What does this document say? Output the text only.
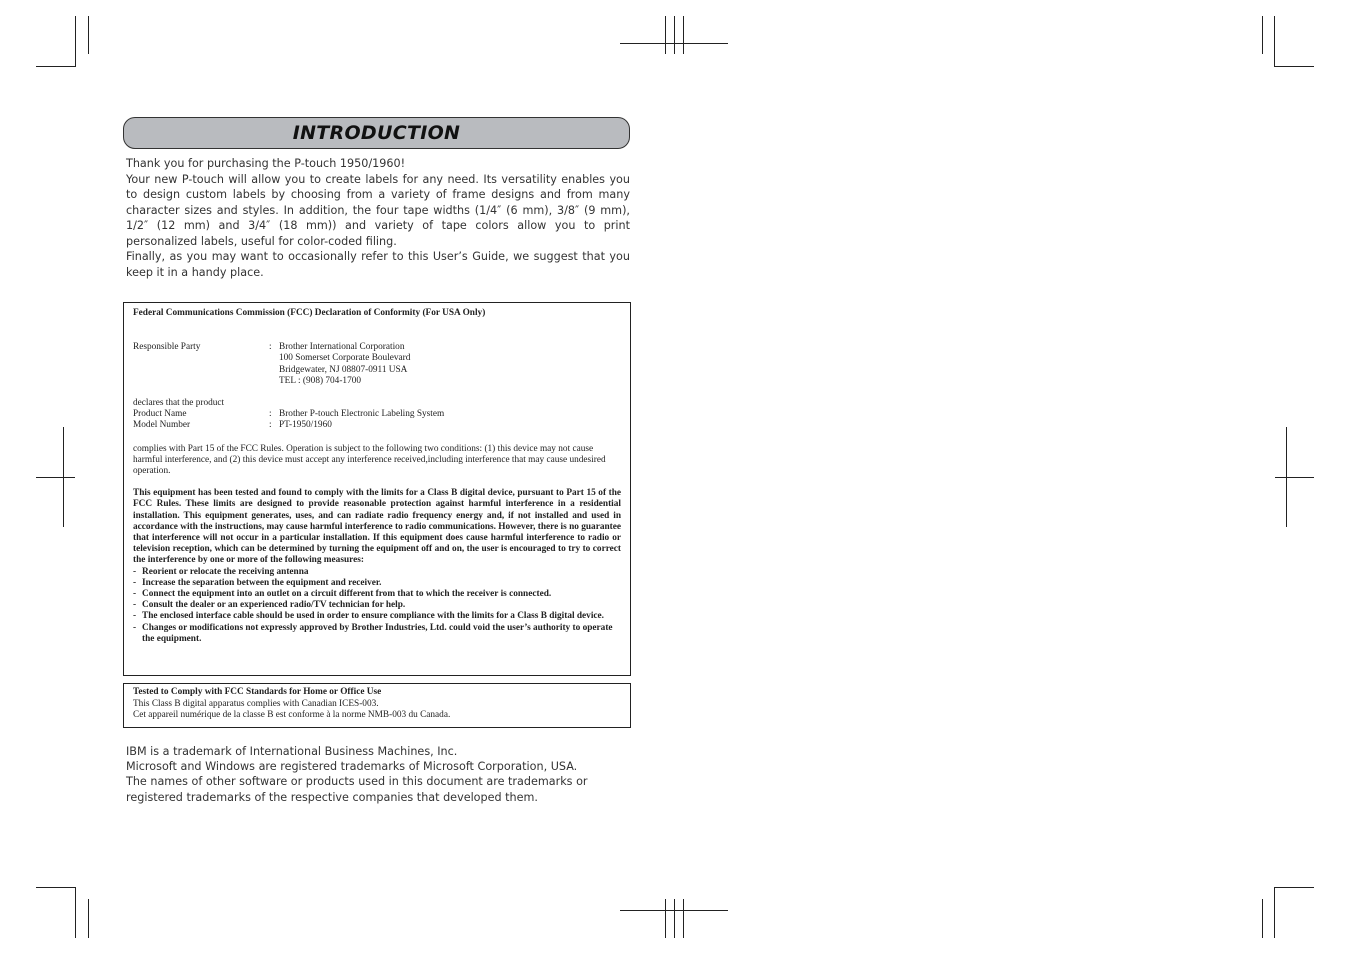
INTRODUCTION

Thank you for purchasing the P-touch 1950/1960!

Your new P-touch will allow you to create labels for any need. Its versatility enables you to design custom labels by choosing from a variety of frame designs and from many character sizes and styles. In addition, the four tape widths (1/4″ (6 mm), 3/8″ (9 mm), 1/2″ (12 mm) and 3/4″ (18 mm)) and variety of tape colors allow you to print personalized labels, useful for color-coded filing.

Finally, as you may want to occasionally refer to this User’s Guide, we suggest that you keep it in a handy place.

Federal Communications Commission (FCC) Declaration of Conformity (For USA Only)

Responsible Party	: Brother International Corporation
100 Somerset Corporate Boulevard
Bridgewater, NJ 08807-0911 USA
TEL : (908) 704-1700
declares that the product
Product Name	: Brother P-touch Electronic Labeling System
Model Number	: PT-1950/1960

complies with Part 15 of the FCC Rules. Operation is subject to the following two conditions: (1) this device may not cause harmful interference, and (2) this device must accept any interference received,including interference that may cause undesired operation.

This equipment has been tested and found to comply with the limits for a Class B digital device, pursuant to Part 15 of the FCC Rules. These limits are designed to provide reasonable protection against harmful interference in a residential installation. This equipment generates, uses, and can radiate radio frequency energy and, if not installed and used in accordance with the instructions, may cause harmful interference to radio communications. However, there is no guarantee that interference will not occur in a particular installation. If this equipment does cause harmful interference to radio or television reception, which can be determined by turning the equipment off and on, the user is encouraged to try to correct the interference by one or more of the following measures:

- Reorient or relocate the receiving antenna
- Increase the separation between the equipment and receiver.
- Connect the equipment into an outlet on a circuit different from that to which the receiver is connected.
- Consult the dealer or an experienced radio/TV technician for help.
- The enclosed interface cable should be used in order to ensure compliance with the limits for a Class B digital device.
- Changes or modifications not expressly approved by Brother Industries, Ltd. could void the user’s authority to operate the equipment.

Tested to Comply with FCC Standards for Home or Office Use

This Class B digital apparatus complies with Canadian ICES-003.

Cet appareil numérique de la classe B est conforme à la norme NMB-003 du Canada.

IBM is a trademark of International Business Machines, Inc.

Microsoft and Windows are registered trademarks of Microsoft Corporation, USA.

The names of other software or products used in this document are trademarks or registered trademarks of the respective companies that developed them.
